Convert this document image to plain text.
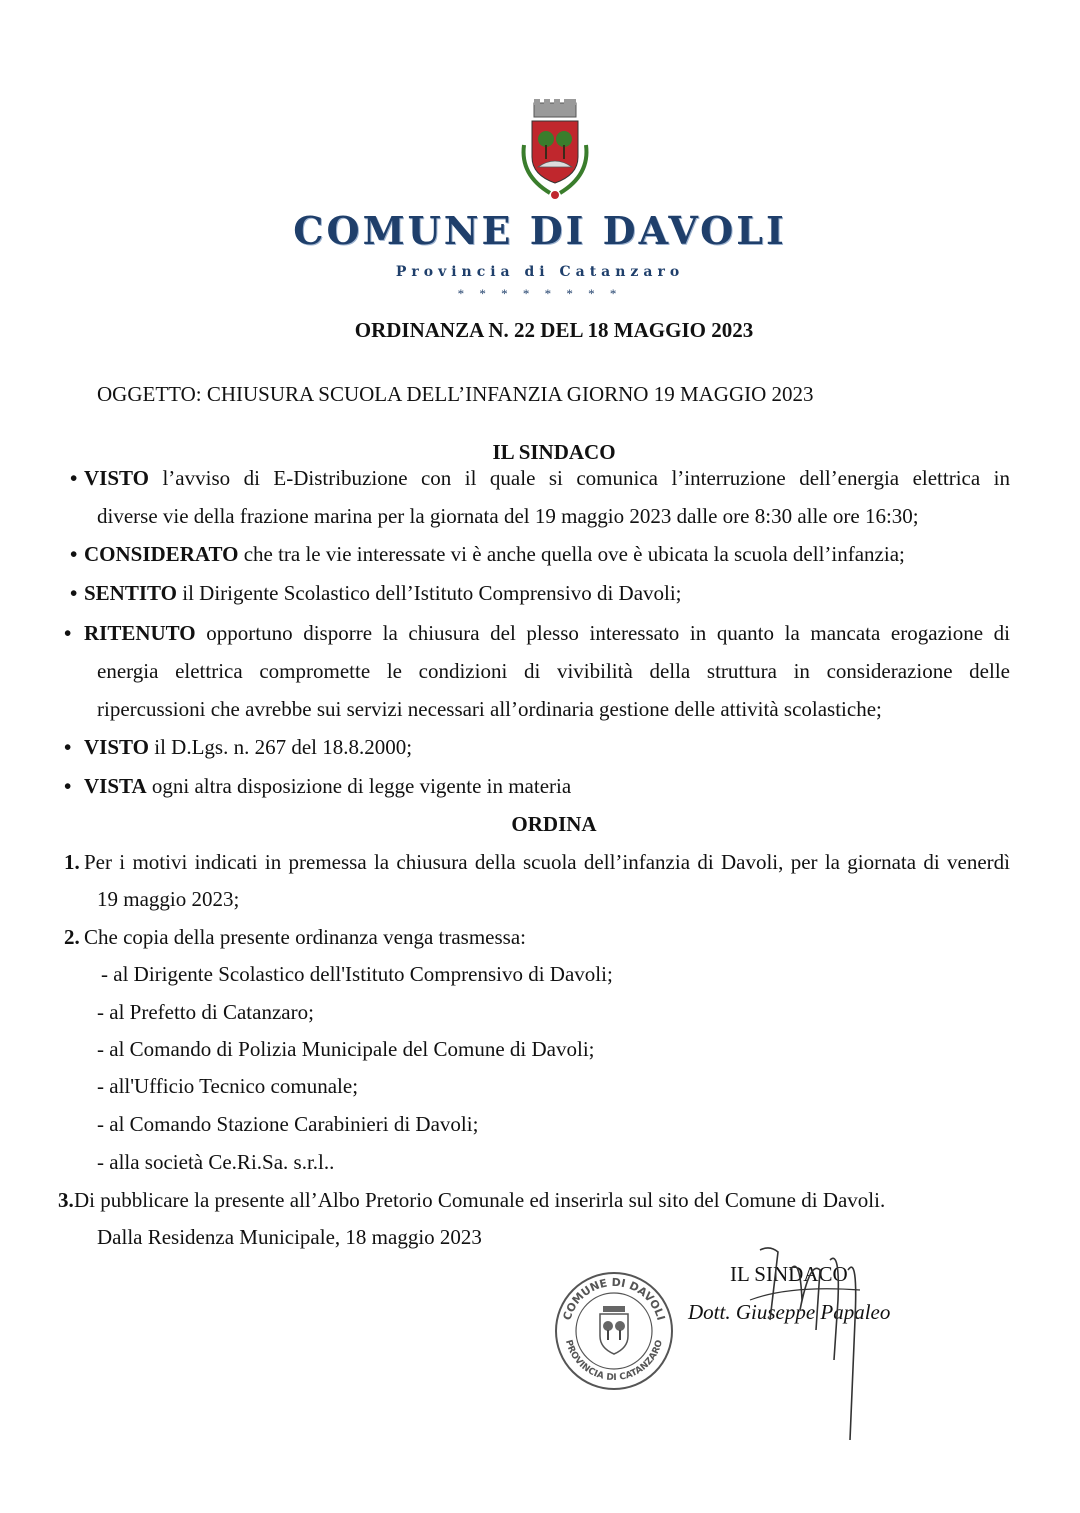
COMUNE DI DAVOLI
Provincia di Catanzaro
* * * * * * * *
ORDINANZA N. 22 DEL 18 MAGGIO 2023
OGGETTO: CHIUSURA SCUOLA DELL’INFANZIA GIORNO 19 MAGGIO 2023
IL SINDACO
• VISTO l’avviso di E-Distribuzione con il quale si comunica l’interruzione dell’energia elettrica in
diverse vie della frazione marina per la giornata del 19 maggio 2023 dalle ore 8:30 alle ore 16:30;
• CONSIDERATO che tra le vie interessate vi è anche quella ove è ubicata la scuola dell’infanzia;
• SENTITO il Dirigente Scolastico dell’Istituto Comprensivo di Davoli;
• RITENUTO opportuno disporre la chiusura del plesso interessato in quanto la mancata erogazione di
energia elettrica compromette le condizioni di vivibilità della struttura in considerazione delle
ripercussioni che avrebbe sui servizi necessari all’ordinaria gestione delle attività scolastiche;
• VISTO il D.Lgs. n. 267 del 18.8.2000;
• VISTA ogni altra disposizione di legge vigente in materia
ORDINA
1. Per i motivi indicati in premessa la chiusura della scuola dell’infanzia di Davoli, per la giornata di venerdì
19 maggio 2023;
2. Che copia della presente ordinanza venga trasmessa:
- al Dirigente Scolastico dell'Istituto Comprensivo di Davoli;
- al Prefetto di Catanzaro;
- al Comando di Polizia Municipale del Comune di Davoli;
- all'Ufficio Tecnico comunale;
- al Comando Stazione Carabinieri di Davoli;
- alla società Ce.Ri.Sa. s.r.l..
3. Di pubblicare la presente all’Albo Pretorio Comunale ed inserirla sul sito del Comune di Davoli.
Dalla Residenza Municipale, 18 maggio 2023
COMUNE DI DAVOLI
PROVINCIA DI CATANZARO
IL SINDACO
Dott. Giuseppe Papaleo
